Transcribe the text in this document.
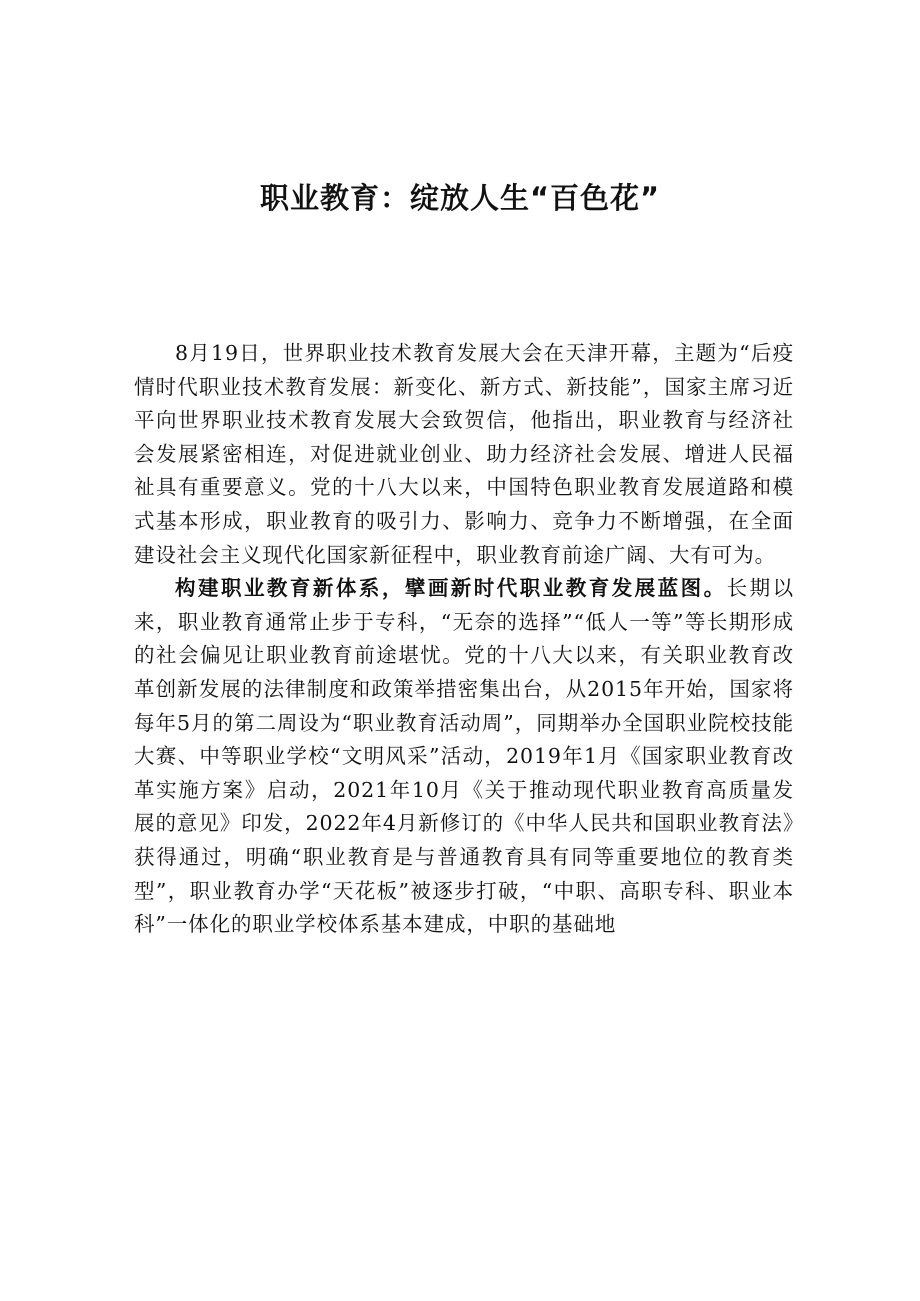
职业教育：绽放人生“百色花”

8月19日，世界职业技术教育发展大会在天津开幕，主题为“后疫情时代职业技术教育发展：新变化、新方式、新技能”，国家主席习近平向世界职业技术教育发展大会致贺信，他指出，职业教育与经济社会发展紧密相连，对促进就业创业、助力经济社会发展、增进人民福祉具有重要意义。党的十八大以来，中国特色职业教育发展道路和模式基本形成，职业教育的吸引力、影响力、竞争力不断增强，在全面建设社会主义现代化国家新征程中，职业教育前途广阔、大有可为。

构建职业教育新体系，擘画新时代职业教育发展蓝图。长期以来，职业教育通常止步于专科，“无奈的选择”“低人一等”等长期形成的社会偏见让职业教育前途堪忧。党的十八大以来，有关职业教育改革创新发展的法律制度和政策举措密集出台，从2015年开始，国家将每年5月的第二周设为“职业教育活动周”，同期举办全国职业院校技能大赛、中等职业学校“文明风采”活动，2019年1月《国家职业教育改革实施方案》启动，2021年10月《关于推动现代职业教育高质量发展的意见》印发，2022年4月新修订的《中华人民共和国职业教育法》获得通过，明确“职业教育是与普通教育具有同等重要地位的教育类型”，职业教育办学“天花板”被逐步打破，“中职、高职专科、职业本科”一体化的职业学校体系基本建成，中职的基础地
